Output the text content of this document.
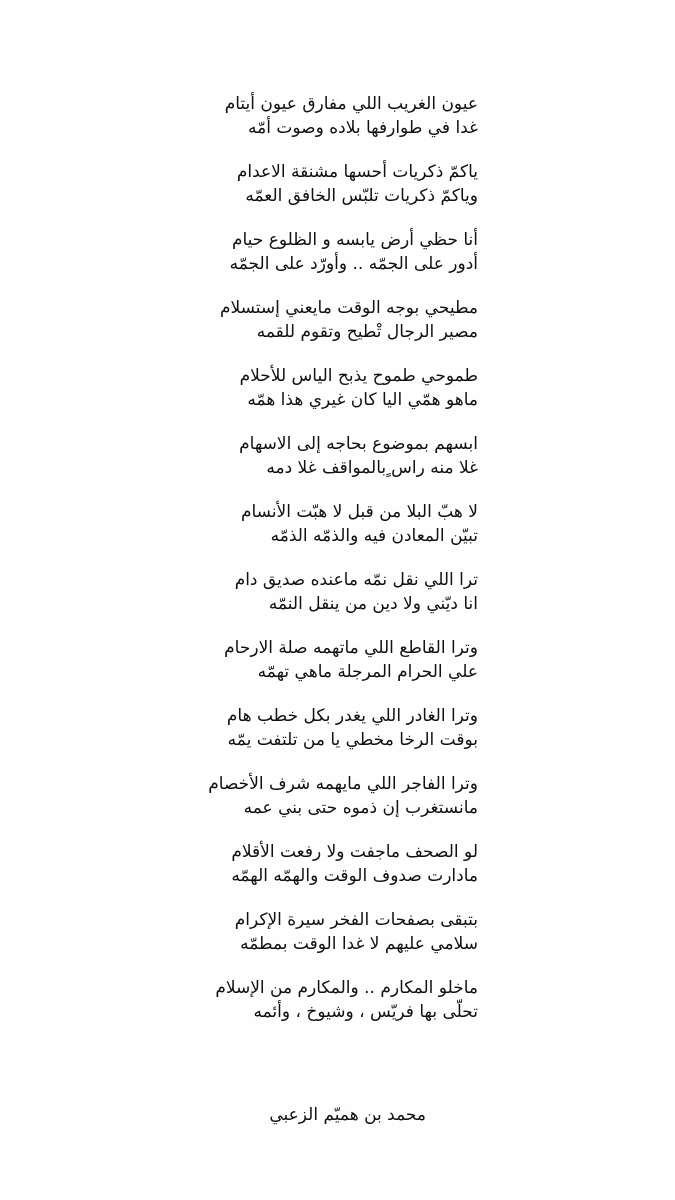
عيون الغريب اللي مفارق عيون أيتام
غدا في طوارفها بلاده وصوت أمّه
ياكمّ ذكريات أحسها مشنقة الاعدام
وياكمّ ذكريات تلبّس الخافق العمّه
أنا حظي أرض يابسه و الظلوع حيام
أدور على الجمّه .. وأورّد على الجمّه
مطيحي بوجه الوقت مايعني إستسلام
مصير الرجال تْطيح وتقوم للقمه
طموحي طموح يذبح الياس للأحلام
ماهو همّي اليا كان غيري هذا همّه
ابسهم بموضوع بحاجه إلى الاسهام
غلا منه راس ٍبالمواقف غلا دمه
لا هبّ البلا من قبل لا هبّت الأنسام
تبيّن المعادن فيه والذمّه الذمّه
ترا اللي نقل نمّه ماعنده صديق دام
انا ديّني ولا دين من ينقل النمّه
وترا القاطع اللي ماتهمه صلة الارحام
علي الحرام المرجلة ماهي تهمّه
وترا الغادر اللي يغدر بكل خطب هام
بوقت الرخا مخطي يا من تلتفت يمّه
وترا الفاجر اللي مايهمه شرف الأخصام
مانستغرب إن ذموه حتى بني عمه
لو الصحف ماجفت ولا رفعت الأقلام
مادارت صدوف الوقت والهمّه الهمّه
بتبقى بصفحات الفخر سيرة الإكرام
سلامي عليهم لا غدا الوقت بمطمّه
ماخلو المكارم .. والمكارم من الإسلام
تحلّى بها فريّس ، وشيوخ ، وأئمه
محمد بن هميّم الزعبي
